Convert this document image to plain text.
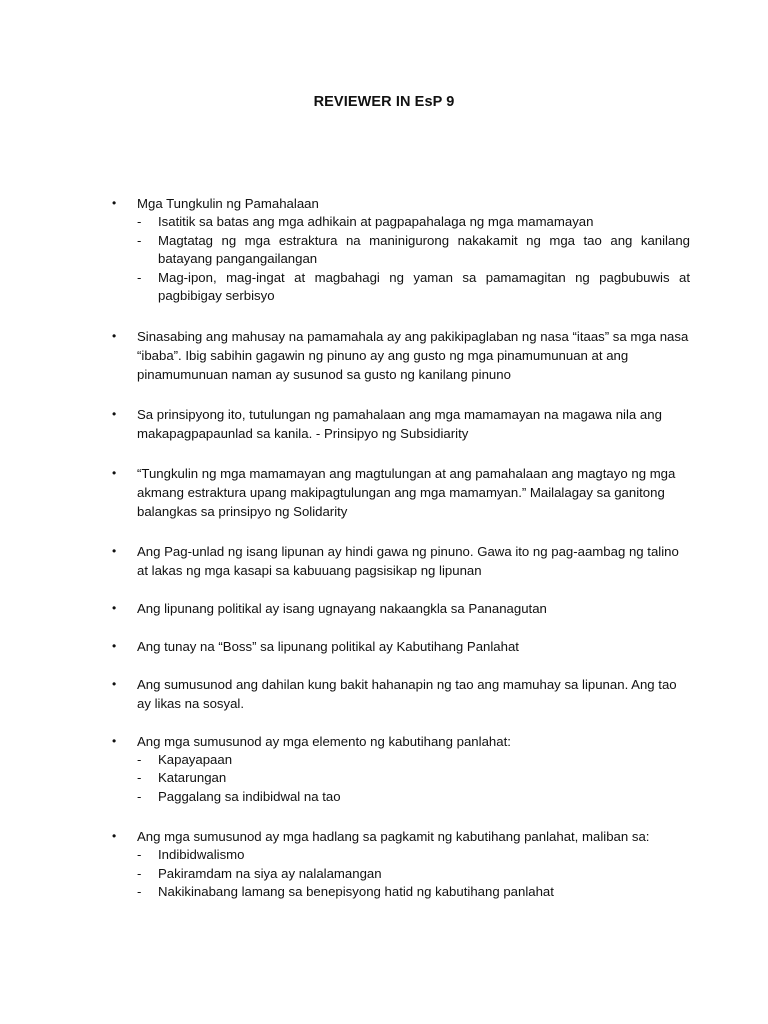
REVIEWER IN EsP 9
•	Mga Tungkulin ng Pamahalaan
- Isatitik sa batas ang mga adhikain at pagpapahalaga ng mga mamamayan
- Magtatag ng mga estraktura na maninigurong nakakamit ng mga tao ang kanilang batayang pangangailangan
- Mag-ipon, mag-ingat at magbahagi ng yaman sa pamamagitan ng pagbubuwis at pagbibigay serbisyo
•	Sinasabing ang mahusay na pamamahala ay ang pakikipaglaban ng nasa “itaas” sa mga nasa “ibaba”. Ibig sabihin gagawin ng pinuno ay ang gusto ng mga pinamumunuan at ang pinamumunuan naman ay susunod sa gusto ng kanilang pinuno
•	Sa prinsipyong ito, tutulungan ng pamahalaan ang mga mamamayan na magawa nila ang makapagpapaunlad sa kanila. - Prinsipyo ng Subsidiarity
•	“Tungkulin ng mga mamamayan ang magtulungan at ang pamahalaan ang magtayo ng mga akmang estraktura upang makipagtulungan ang mga mamamyan.” Mailalagay sa ganitong balangkas sa prinsipyo ng Solidarity
•	Ang Pag-unlad ng isang lipunan ay hindi gawa ng pinuno. Gawa ito ng pag-aambag ng talino at lakas ng mga kasapi sa kabuuang pagsisikap ng lipunan
•	Ang lipunang politikal ay isang ugnayang nakaangkla sa Pananagutan
•	Ang tunay na “Boss” sa lipunang politikal ay Kabutihang Panlahat
•	Ang sumusunod ang dahilan kung bakit hahanapin ng tao ang mamuhay sa lipunan. Ang tao ay likas na sosyal.
•	Ang mga sumusunod ay mga elemento ng kabutihang panlahat:
- Kapayapaan
- Katarungan
- Paggalang sa indibidwal na tao
•	Ang mga sumusunod ay mga hadlang sa pagkamit ng kabutihang panlahat, maliban sa:
- Indibidwalismo
- Pakiramdam na siya ay nalalamangan
- Nakikinabang lamang sa benepisyong hatid ng kabutihang panlahat
